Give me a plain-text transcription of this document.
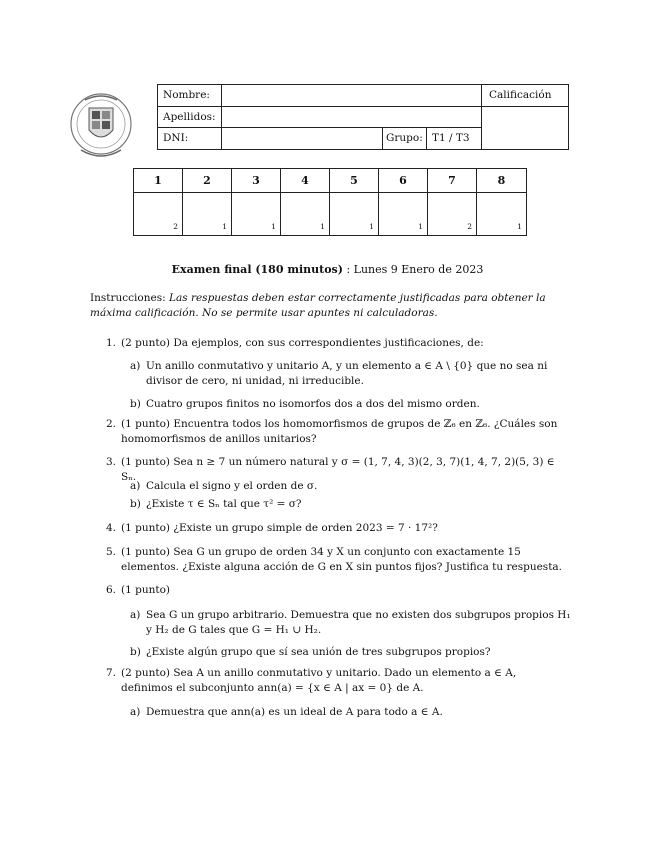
Nombre:
Apellidos:
DNI:	Grupo: T1 / T3
Calificación
1	2	3	4	5	6	7	8
2	1	1	1	1	1	2	1
Examen final (180 minutos) : Lunes 9 Enero de 2023
Instrucciones: Las respuestas deben estar correctamente justificadas para obtener la máxima calificación. No se permite usar apuntes ni calculadoras.
1. (2 punto) Da ejemplos, con sus correspondientes justificaciones, de:
a) Un anillo conmutativo y unitario A, y un elemento a ∈ A \ {0} que no sea ni divisor de cero, ni unidad, ni irreducible.
b) Cuatro grupos finitos no isomorfos dos a dos del mismo orden.
2. (1 punto) Encuentra todos los homomorfismos de grupos de ℤ₆ en ℤ₆. ¿Cuáles son homomorfismos de anillos unitarios?
3. (1 punto) Sea n ≥ 7 un número natural y σ = (1, 7, 4, 3)(2, 3, 7)(1, 4, 7, 2)(5, 3) ∈ Sₙ.
a) Calcula el signo y el orden de σ.
b) ¿Existe τ ∈ Sₙ tal que τ² = σ?
4. (1 punto) ¿Existe un grupo simple de orden 2023 = 7 · 17²?
5. (1 punto) Sea G un grupo de orden 34 y X un conjunto con exactamente 15 elementos. ¿Existe alguna acción de G en X sin puntos fijos? Justifica tu respuesta.
6. (1 punto)
a) Sea G un grupo arbitrario. Demuestra que no existen dos subgrupos propios H₁ y H₂ de G tales que G = H₁ ∪ H₂.
b) ¿Existe algún grupo que sí sea unión de tres subgrupos propios?
7. (2 punto) Sea A un anillo conmutativo y unitario. Dado un elemento a ∈ A, definimos el subconjunto ann(a) = {x ∈ A | ax = 0} de A.
a) Demuestra que ann(a) es un ideal de A para todo a ∈ A.
